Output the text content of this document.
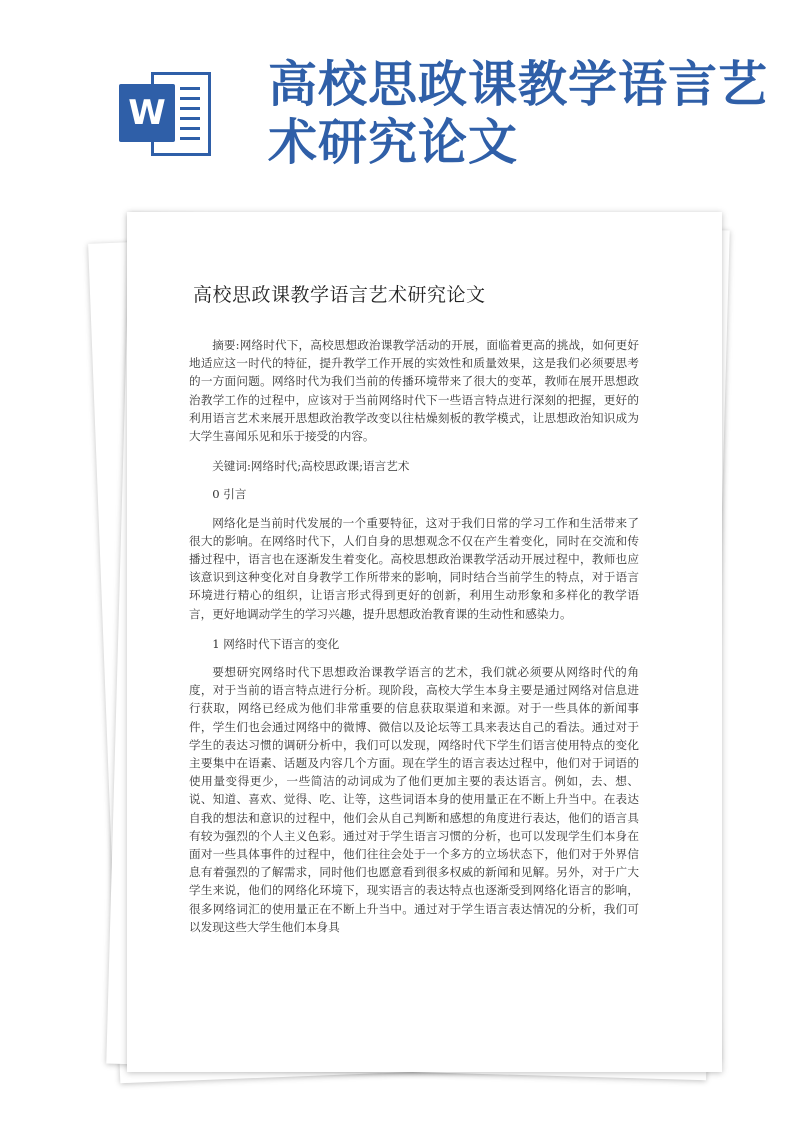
W 高校思政课教学语言艺术研究论文
高校思政课教学语言艺术研究论文

摘要:网络时代下，高校思想政治课教学活动的开展，面临着更高的挑战，如何更好地适应这一时代的特征，提升教学工作开展的实效性和质量效果，这是我们必须要思考的一方面问题。网络时代为我们当前的传播环境带来了很大的变革，教师在展开思想政治教学工作的过程中，应该对于当前网络时代下一些语言特点进行深刻的把握，更好的利用语言艺术来展开思想政治教学改变以往枯燥刻板的教学模式，让思想政治知识成为大学生喜闻乐见和乐于接受的内容。

关键词:网络时代;高校思政课;语言艺术

0 引言

网络化是当前时代发展的一个重要特征，这对于我们日常的学习工作和生活带来了很大的影响。在网络时代下，人们自身的思想观念不仅在产生着变化，同时在交流和传播过程中，语言也在逐渐发生着变化。高校思想政治课教学活动开展过程中，教师也应该意识到这种变化对自身教学工作所带来的影响，同时结合当前学生的特点，对于语言环境进行精心的组织，让语言形式得到更好的创新，利用生动形象和多样化的教学语言，更好地调动学生的学习兴趣，提升思想政治教育课的生动性和感染力。

1 网络时代下语言的变化

要想研究网络时代下思想政治课教学语言的艺术，我们就必须要从网络时代的角度，对于当前的语言特点进行分析。现阶段，高校大学生本身主要是通过网络对信息进行获取，网络已经成为他们非常重要的信息获取渠道和来源。对于一些具体的新闻事件，学生们也会通过网络中的微博、微信以及论坛等工具来表达自己的看法。通过对于学生的表达习惯的调研分析中，我们可以发现，网络时代下学生们语言使用特点的变化主要集中在语素、话题及内容几个方面。现在学生的语言表达过程中，他们对于词语的使用量变得更少，一些简洁的动词成为了他们更加主要的表达语言。例如，去、想、说、知道、喜欢、觉得、吃、让等，这些词语本身的使用量正在不断上升当中。在表达自我的想法和意识的过程中，他们会从自己判断和感想的角度进行表达，他们的语言具有较为强烈的个人主义色彩。通过对于学生语言习惯的分析，也可以发现学生们本身在面对一些具体事件的过程中，他们往往会处于一个多方的立场状态下，他们对于外界信息有着强烈的了解需求，同时他们也愿意看到很多权威的新闻和见解。另外，对于广大学生来说，他们的网络化环境下，现实语言的表达特点也逐渐受到网络化语言的影响，很多网络词汇的使用量正在不断上升当中。通过对于学生语言表达情况的分析，我们可以发现这些大学生他们本身具
